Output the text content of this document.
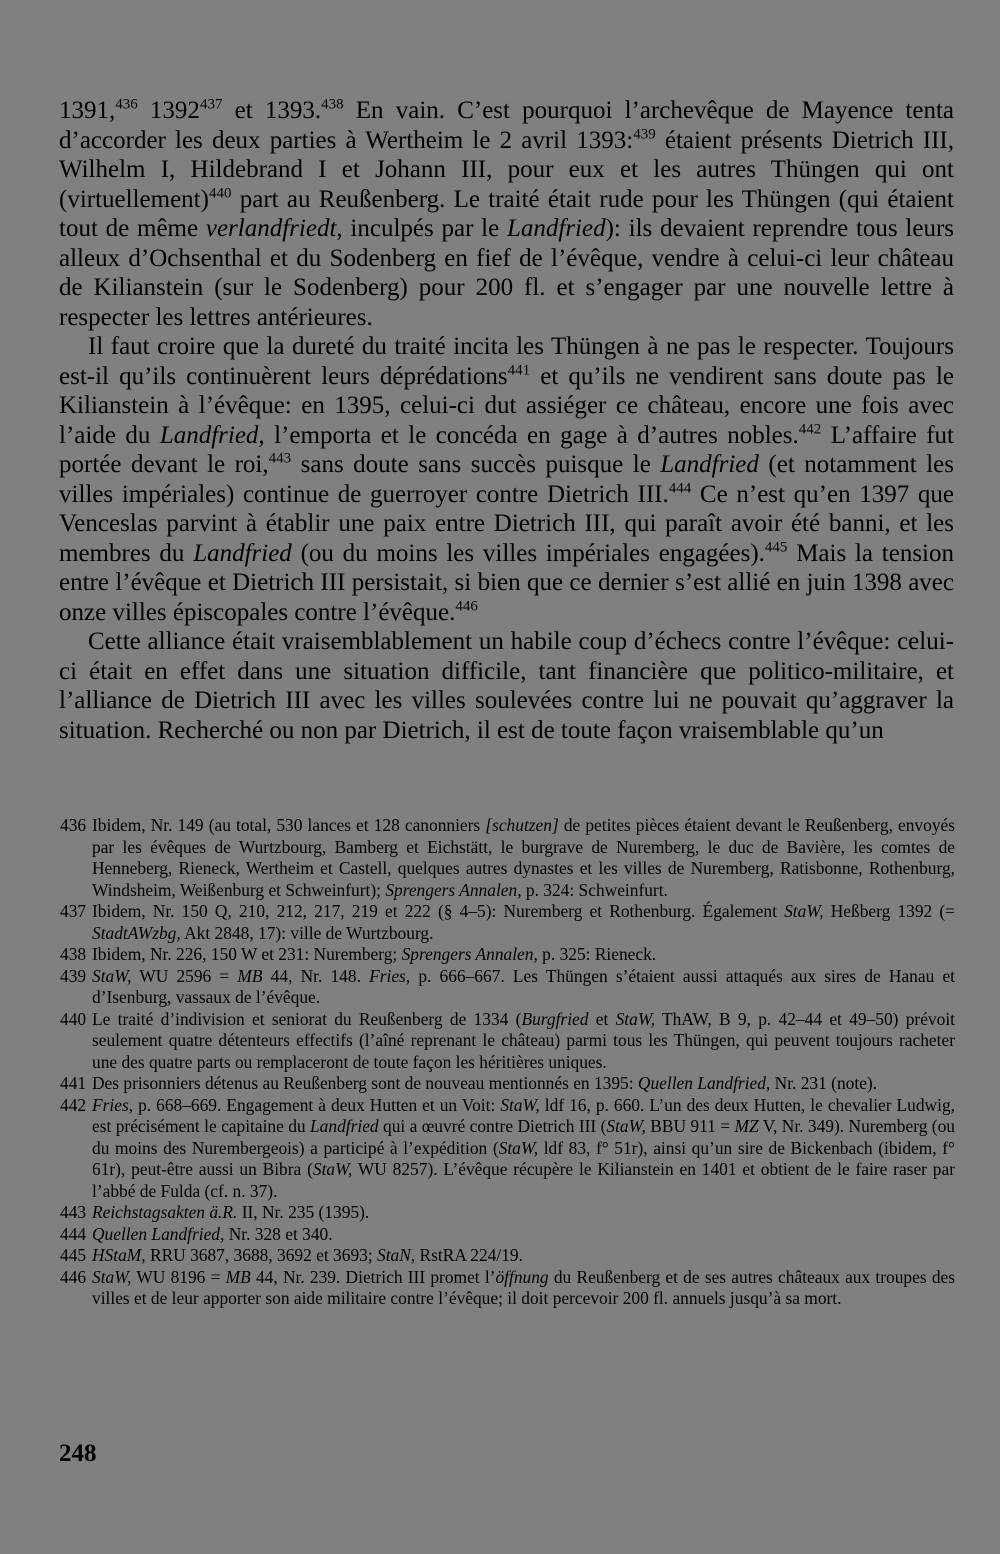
1391,$^{436}$ 1392$^{437}$ et 1393.$^{438}$ En vain. C’est pourquoi l’archevêque de Mayence tenta d’accorder les deux parties à Wertheim le 2 avril 1393:$^{439}$ étaient présents Dietrich III, Wilhelm I, Hildebrand I et Johann III, pour eux et les autres Thüngen qui ont (virtuellement)$^{440}$ part au Reußenberg. Le traité était rude pour les Thüngen (qui étaient tout de même verlandfriedt, inculpés par le Landfried): ils devaient reprendre tous leurs alleux d’Ochsenthal et du Sodenberg en fief de l’évêque, vendre à celui-ci leur château de Kilianstein (sur le Sodenberg) pour 200 fl. et s’engager par une nouvelle lettre à respecter les lettres antérieures.

Il faut croire que la dureté du traité incita les Thüngen à ne pas le respecter. Toujours est-il qu’ils continuèrent leurs déprédations$^{441}$ et qu’ils ne vendirent sans doute pas le Kilianstein à l’évêque: en 1395, celui-ci dut assiéger ce château, encore une fois avec l’aide du Landfried, l’emporta et le concéda en gage à d’autres nobles.$^{442}$ L’affaire fut portée devant le roi,$^{443}$ sans doute sans succès puisque le Landfried (et notamment les villes impériales) continue de guerroyer contre Dietrich III.$^{444}$ Ce n’est qu’en 1397 que Venceslas parvint à établir une paix entre Dietrich III, qui paraît avoir été banni, et les membres du Landfried (ou du moins les villes impériales engagées).$^{445}$ Mais la tension entre l’évêque et Dietrich III persistait, si bien que ce dernier s’est allié en juin 1398 avec onze villes épiscopales contre l’évêque.$^{446}$

Cette alliance était vraisemblablement un habile coup d’échecs contre l’évêque: celui-ci était en effet dans une situation difficile, tant financière que politico-militaire, et l’alliance de Dietrich III avec les villes soulevées contre lui ne pouvait qu’aggraver la situation. Recherché ou non par Dietrich, il est de toute façon vraisemblable qu’un

436 Ibidem, Nr. 149 (au total, 530 lances et 128 canonniers [schutzen] de petites pièces étaient devant le Reußenberg, envoyés par les évêques de Wurtzbourg, Bamberg et Eichstätt, le burgrave de Nuremberg, le duc de Bavière, les comtes de Henneberg, Rieneck, Wertheim et Castell, quelques autres dynastes et les villes de Nuremberg, Ratisbonne, Rothenburg, Windsheim, Weißenburg et Schweinfurt); Sprengers Annalen, p. 324: Schweinfurt.

437 Ibidem, Nr. 150 Q, 210, 212, 217, 219 et 222 (§ 4–5): Nuremberg et Rothenburg. Également StaW, Heßberg 1392 (= StadtAWzbg, Akt 2848, 17): ville de Wurtzbourg.

438 Ibidem, Nr. 226, 150 W et 231: Nuremberg; Sprengers Annalen, p. 325: Rieneck.

439 StaW, WU 2596 = MB 44, Nr. 148. Fries, p. 666–667. Les Thüngen s’étaient aussi attaqués aux sires de Hanau et d’Isenburg, vassaux de l’évêque.

440 Le traité d’indivision et seniorat du Reußenberg de 1334 (Burgfried et StaW, ThAW, B 9, p. 42–44 et 49–50) prévoit seulement quatre détenteurs effectifs (l’aîné reprenant le château) parmi tous les Thüngen, qui peuvent toujours racheter une des quatre parts ou remplaceront de toute façon les héritières uniques.

441 Des prisonniers détenus au Reußenberg sont de nouveau mentionnés en 1395: Quellen Landfried, Nr. 231 (note).

442 Fries, p. 668–669. Engagement à deux Hutten et un Voit: StaW, ldf 16, p. 660. L’un des deux Hutten, le chevalier Ludwig, est précisément le capitaine du Landfried qui a œuvré contre Dietrich III (StaW, BBU 911 = MZ V, Nr. 349). Nuremberg (ou du moins des Nurembergeois) a participé à l’expédition (StaW, ldf 83, f° 51r), ainsi qu’un sire de Bickenbach (ibidem, f° 61r), peut-être aussi un Bibra (StaW, WU 8257). L’évêque récupère le Kilianstein en 1401 et obtient de le faire raser par l’abbé de Fulda (cf. n. 37).

443 Reichstagsakten ä.R. II, Nr. 235 (1395).

444 Quellen Landfried, Nr. 328 et 340.

445 HStaM, RRU 3687, 3688, 3692 et 3693; StaN, RstRA 224/19.

446 StaW, WU 8196 = MB 44, Nr. 239. Dietrich III promet l’öffnung du Reußenberg et de ses autres châteaux aux troupes des villes et de leur apporter son aide militaire contre l’évêque; il doit percevoir 200 fl. annuels jusqu’à sa mort.

248
